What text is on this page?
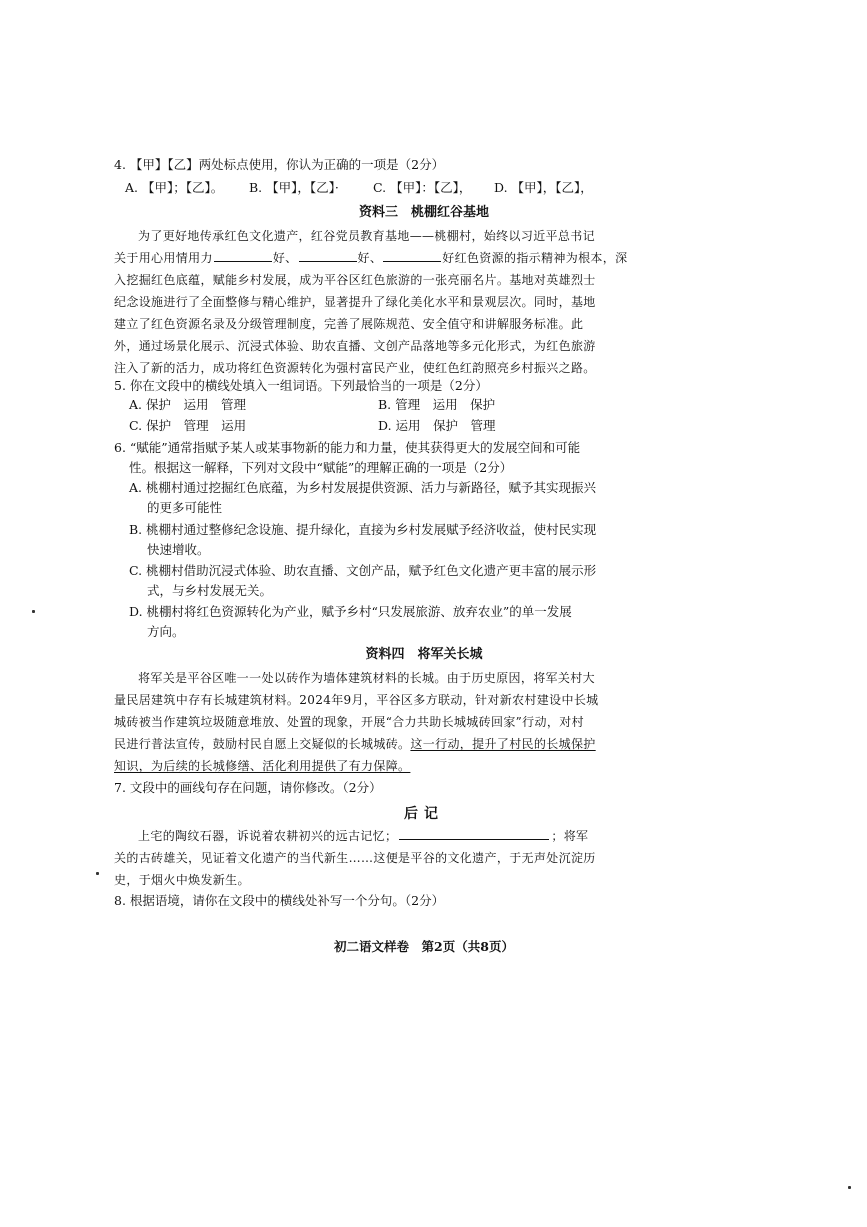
4. 【甲】【乙】两处标点使用，你认为正确的一项是（2分）
A. 【甲】；【乙】。 B. 【甲】，【乙】·	C. 【甲】：【乙】， D. 【甲】，【乙】，
资料三　桃棚红谷基地
为了更好地传承红色文化遗产，红谷党员教育基地——桃棚村，始终以习近平总书记
关于用心用情用力	好、	好、	好红色资源的指示精神为根本，深
入挖掘红色底蕴，赋能乡村发展，成为平谷区红色旅游的一张亮丽名片。基地对英雄烈士
纪念设施进行了全面整修与精心维护，显著提升了绿化美化水平和景观层次。同时，基地
建立了红色资源名录及分级管理制度，完善了展陈规范、安全值守和讲解服务标准。此
外，通过场景化展示、沉浸式体验、助农直播、文创产品落地等多元化形式，为红色旅游
注入了新的活力，成功将红色资源转化为强村富民产业，使红色红韵照亮乡村振兴之路。
5. 你在文段中的横线处填入一组词语。下列最恰当的一项是（2分）
A. 保护　运用　管理	B. 管理　运用　保护
C. 保护　管理　运用	D. 运用　保护　管理
6. “赋能”通常指赋予某人或某事物新的能力和力量，使其获得更大的发展空间和可能
性。根据这一解释，下列对文段中“赋能”的理解正确的一项是（2分）
A. 桃棚村通过挖掘红色底蕴，为乡村发展提供资源、活力与新路径，赋予其实现振兴
的更多可能性
B. 桃棚村通过整修纪念设施、提升绿化，直接为乡村发展赋予经济收益，使村民实现
快速增收。
C. 桃棚村借助沉浸式体验、助农直播、文创产品，赋予红色文化遗产更丰富的展示形
式，与乡村发展无关。
D. 桃棚村将红色资源转化为产业，赋予乡村“只发展旅游、放弃农业”的单一发展
方向。
资料四　将军关长城
将军关是平谷区唯一一处以砖作为墙体建筑材料的长城。由于历史原因，将军关村大
量民居建筑中存有长城建筑材料。2024年9月，平谷区多方联动，针对新农村建设中长城
城砖被当作建筑垃圾随意堆放、处置的现象，开展“合力共助长城城砖回家”行动，对村
民进行普法宣传，鼓励村民自愿上交疑似的长城城砖。这一行动，提升了村民的长城保护
知识，为后续的长城修缮、活化利用提供了有力保障。
7. 文段中的画线句存在问题，请你修改。（2分）
后记
上宅的陶纹石器，诉说着农耕初兴的远古记忆；	；将军
关的古砖雄关，见证着文化遗产的当代新生……这便是平谷的文化遗产，于无声处沉淀历
史，于烟火中焕发新生。
8. 根据语境，请你在文段中的横线处补写一个分句。（2分）
初二语文样卷　第2页（共8页）
